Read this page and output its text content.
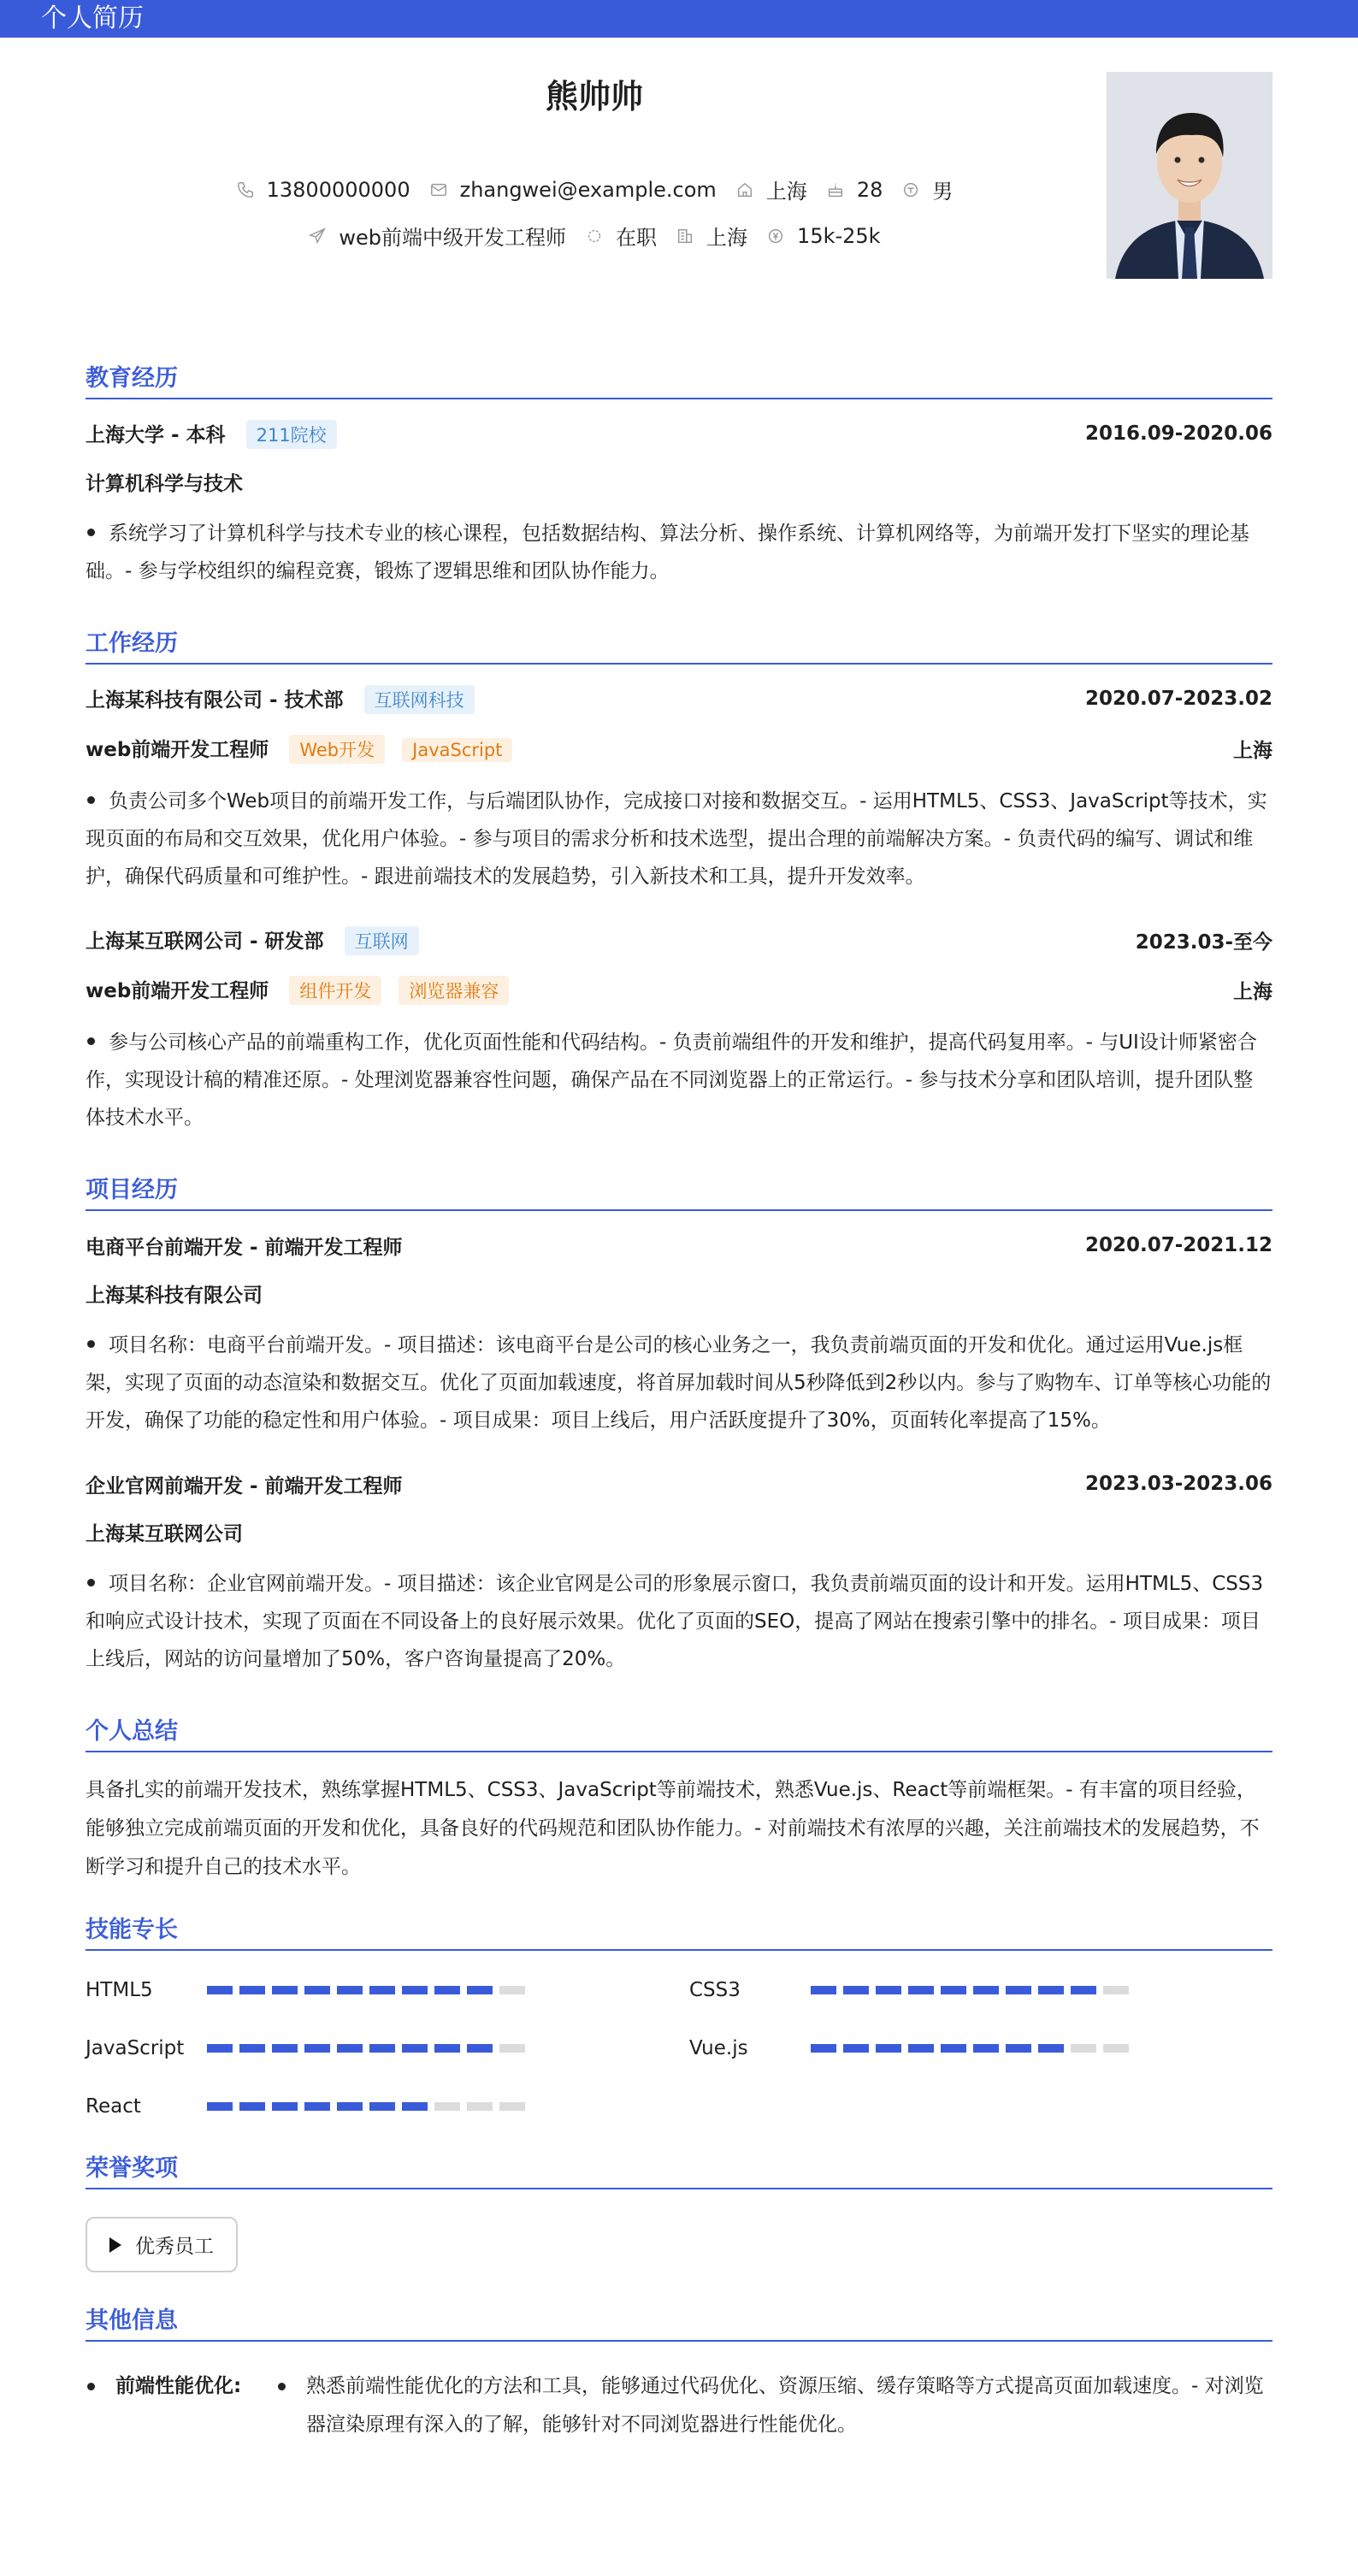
个人简历
熊帅帅
13800000000 zhangwei@example.com 上海 28 男
web前端中级开发工程师 在职 上海 15k-25k
教育经历
上海大学 - 本科 211院校	2016.09-2020.06
计算机科学与技术
系统学习了计算机科学与技术专业的核心课程，包括数据结构、算法分析、操作系统、计算机网络等，为前端开发打下坚实的理论基础。- 参与学校组织的编程竞赛，锻炼了逻辑思维和团队协作能力。
工作经历
上海某科技有限公司 - 技术部 互联网科技	2020.07-2023.02
web前端开发工程师 Web开发 JavaScript	上海
负责公司多个Web项目的前端开发工作，与后端团队协作，完成接口对接和数据交互。- 运用HTML5、CSS3、JavaScript等技术，实现页面的布局和交互效果，优化用户体验。- 参与项目的需求分析和技术选型，提出合理的前端解决方案。- 负责代码的编写、调试和维护，确保代码质量和可维护性。- 跟进前端技术的发展趋势，引入新技术和工具，提升开发效率。
上海某互联网公司 - 研发部 互联网	2023.03-至今
web前端开发工程师 组件开发 浏览器兼容	上海
参与公司核心产品的前端重构工作，优化页面性能和代码结构。- 负责前端组件的开发和维护，提高代码复用率。- 与UI设计师紧密合作，实现设计稿的精准还原。- 处理浏览器兼容性问题，确保产品在不同浏览器上的正常运行。- 参与技术分享和团队培训，提升团队整体技术水平。
项目经历
电商平台前端开发 - 前端开发工程师	2020.07-2021.12
上海某科技有限公司
项目名称：电商平台前端开发。- 项目描述：该电商平台是公司的核心业务之一，我负责前端页面的开发和优化。通过运用Vue.js框架，实现了页面的动态渲染和数据交互。优化了页面加载速度，将首屏加载时间从5秒降低到2秒以内。参与了购物车、订单等核心功能的开发，确保了功能的稳定性和用户体验。- 项目成果：项目上线后，用户活跃度提升了30%，页面转化率提高了15%。
企业官网前端开发 - 前端开发工程师	2023.03-2023.06
上海某互联网公司
项目名称：企业官网前端开发。- 项目描述：该企业官网是公司的形象展示窗口，我负责前端页面的设计和开发。运用HTML5、CSS3和响应式设计技术，实现了页面在不同设备上的良好展示效果。优化了页面的SEO，提高了网站在搜索引擎中的排名。- 项目成果：项目上线后，网站的访问量增加了50%，客户咨询量提高了20%。
个人总结
具备扎实的前端开发技术，熟练掌握HTML5、CSS3、JavaScript等前端技术，熟悉Vue.js、React等前端框架。- 有丰富的项目经验，能够独立完成前端页面的开发和优化，具备良好的代码规范和团队协作能力。- 对前端技术有浓厚的兴趣，关注前端技术的发展趋势，不断学习和提升自己的技术水平。
技能专长
HTML5	CSS3
JavaScript	Vue.js
React
荣誉奖项
优秀员工
其他信息
前端性能优化:	熟悉前端性能优化的方法和工具，能够通过代码优化、资源压缩、缓存策略等方式提高页面加载速度。- 对浏览器渲染原理有深入的了解，能够针对不同浏览器进行性能优化。
